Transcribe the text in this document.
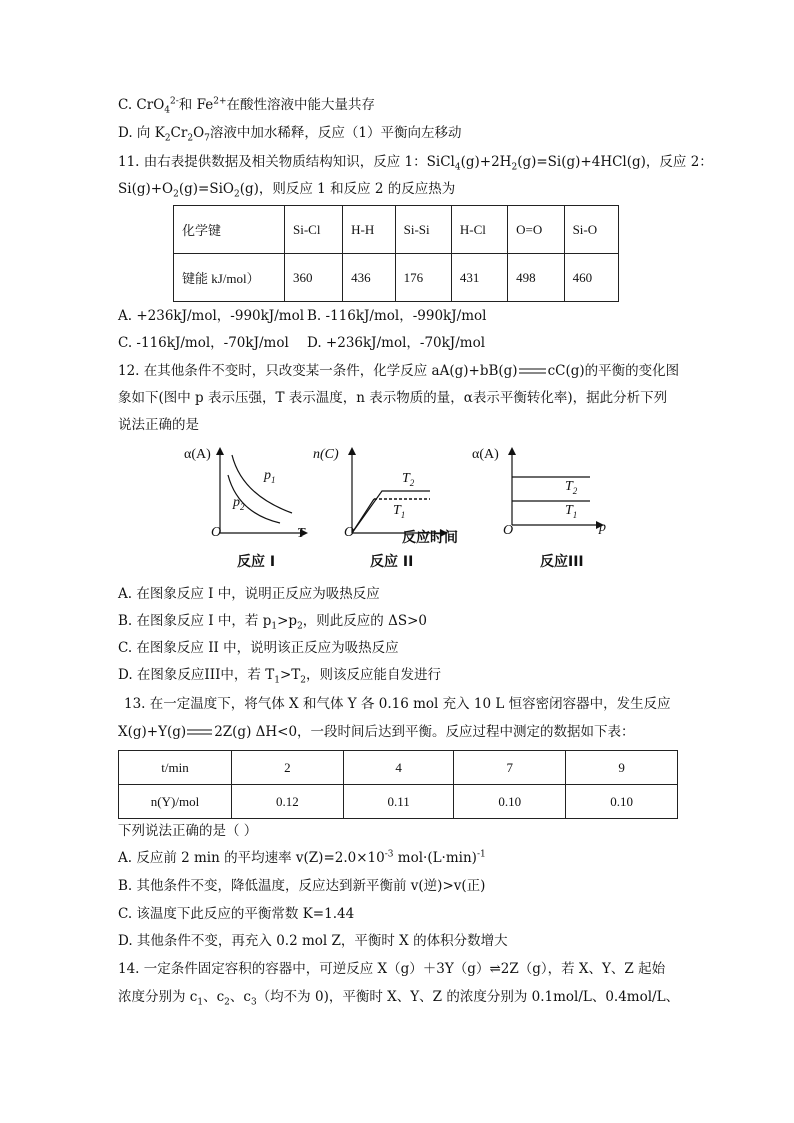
C. CrO$_4^{2-}$和 $Fe^{2+}$在酸性溶液中能大量共存
D. 向 $K_2Cr_2O_7$溶液中加水稀释，反应（1）平衡向左移动
11. 由右表提供数据及相关物质结构知识，反应 1：$SiCl_4(g)+2H_2(g)=Si(g)+4HCl(g)$，反应 2：
$Si(g)+O_2(g)=SiO_2(g)$，则反应 1 和反应 2 的反应热为
化学键	Si-Cl	H-H	Si-Si	H-Cl	O=O	Si-O
键能 kJ/mol）	360	436	176	431	498	460
A. +236kJ/mol，-990kJ/mol B. -116kJ/mol，-990kJ/mol
C. -116kJ/mol，-70kJ/mol D. +236kJ/mol，-70kJ/mol
12. 在其他条件不变时，只改变某一条件，化学反应 aA(g)+bB(g) cC(g)的平衡的变化图
象如下(图中 p 表示压强，T 表示温度，n 表示物质的量，α表示平衡转化率)，据此分析下列
说法正确的是
α(A)
O	T
$p_1$
$p_2$
反应 I
n(C)
O	反应时间
$T_2$
$T_1$
反应 II
α(A)
O	p
$T_2$
$T_1$
反应III
A. 在图象反应 I 中，说明正反应为吸热反应
B. 在图象反应 I 中，若 $p_1>p_2$，则此反应的 ΔS>0
C. 在图象反应 II 中，说明该正反应为吸热反应
D. 在图象反应III中，若 $T_1>T_2$，则该反应能自发进行
13. 在一定温度下，将气体 X 和气体 Y 各 0.16 mol 充入 10 L 恒容密闭容器中，发生反应
X(g)+Y(g) 2Z(g) ΔH<0，一段时间后达到平衡。反应过程中测定的数据如下表：
t/min	2	4	7	9
n(Y)/mol	0.12	0.11	0.10	0.10
下列说法正确的是（ ）
A. 反应前 2 min 的平均速率 $v(Z)=2.0\times 10^{-3}$ $mol\cdot(L\cdot\min)^{-1}$
B. 其他条件不变，降低温度，反应达到新平衡前 v(逆)>v(正)
C. 该温度下此反应的平衡常数 K=1.44
D. 其他条件不变，再充入 0.2 mol Z，平衡时 X 的体积分数增大
14. 一定条件固定容积的容器中，可逆反应 X（g）＋3Y（g）⇌2Z（g），若 X、Y、Z 起始
浓度分别为 $c_1$、$c_2$、$c_3$（均不为 0)，平衡时 X、Y、Z 的浓度分别为 0.1mol/L、0.4mol/L、
